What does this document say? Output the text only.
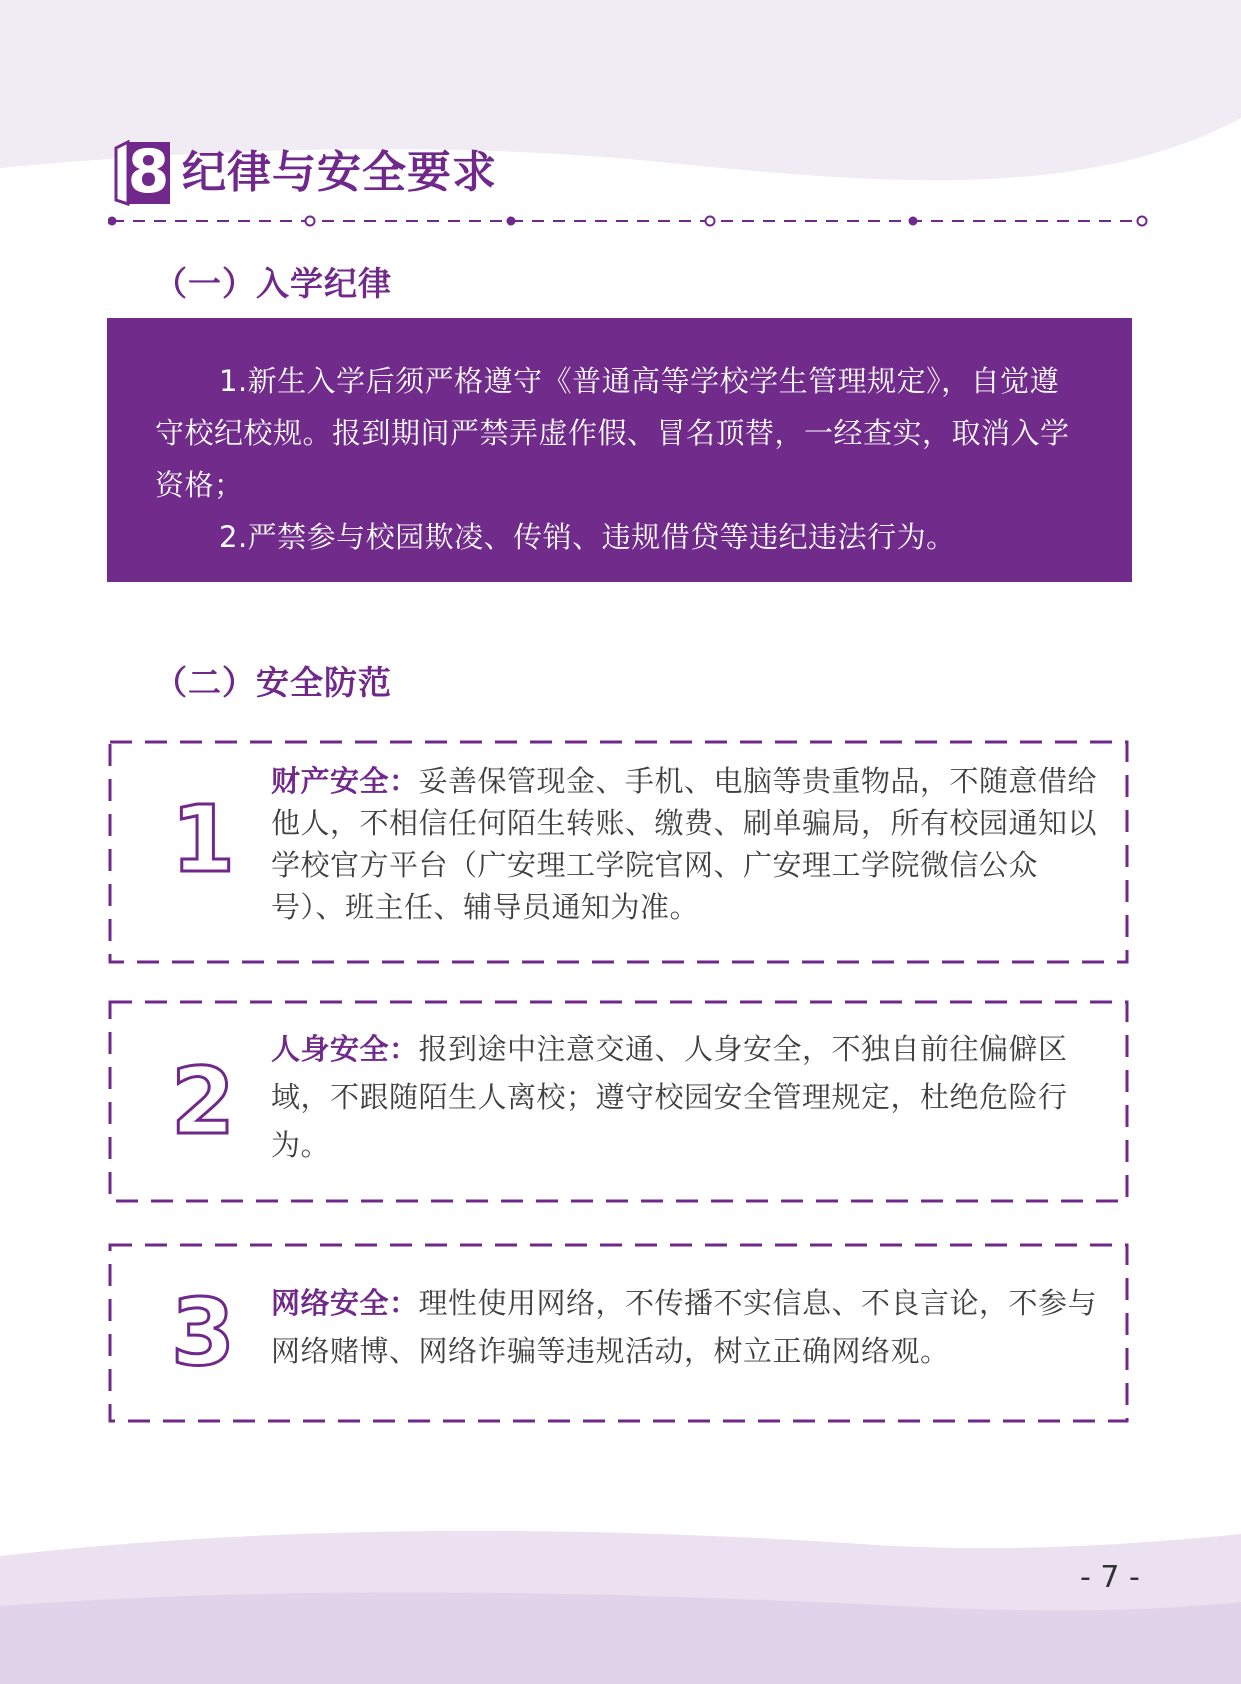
8 纪律与安全要求
（一）入学纪律

1.新生入学后须严格遵守《普通高等学校学生管理规定》，自觉遵守校纪校规。报到期间严禁弄虚作假、冒名顶替，一经查实，取消入学资格；

2.严禁参与校园欺凌、传销、违规借贷等违纪违法行为。

（二）安全防范
1
财产安全：妥善保管现金、手机、电脑等贵重物品，不随意借给他人，不相信任何陌生转账、缴费、刷单骗局，所有校园通知以学校官方平台（广安理工学院官网、广安理工学院微信公众号）、班主任、辅导员通知为准。
2	人身安全：报到途中注意交通、人身安全，不独自前往偏僻区域，不跟随陌生人离校；遵守校园安全管理规定，杜绝危险行为。
3	网络安全：理性使用网络，不传播不实信息、不良言论，不参与网络赌博、网络诈骗等违规活动，树立正确网络观。
- 7 -
